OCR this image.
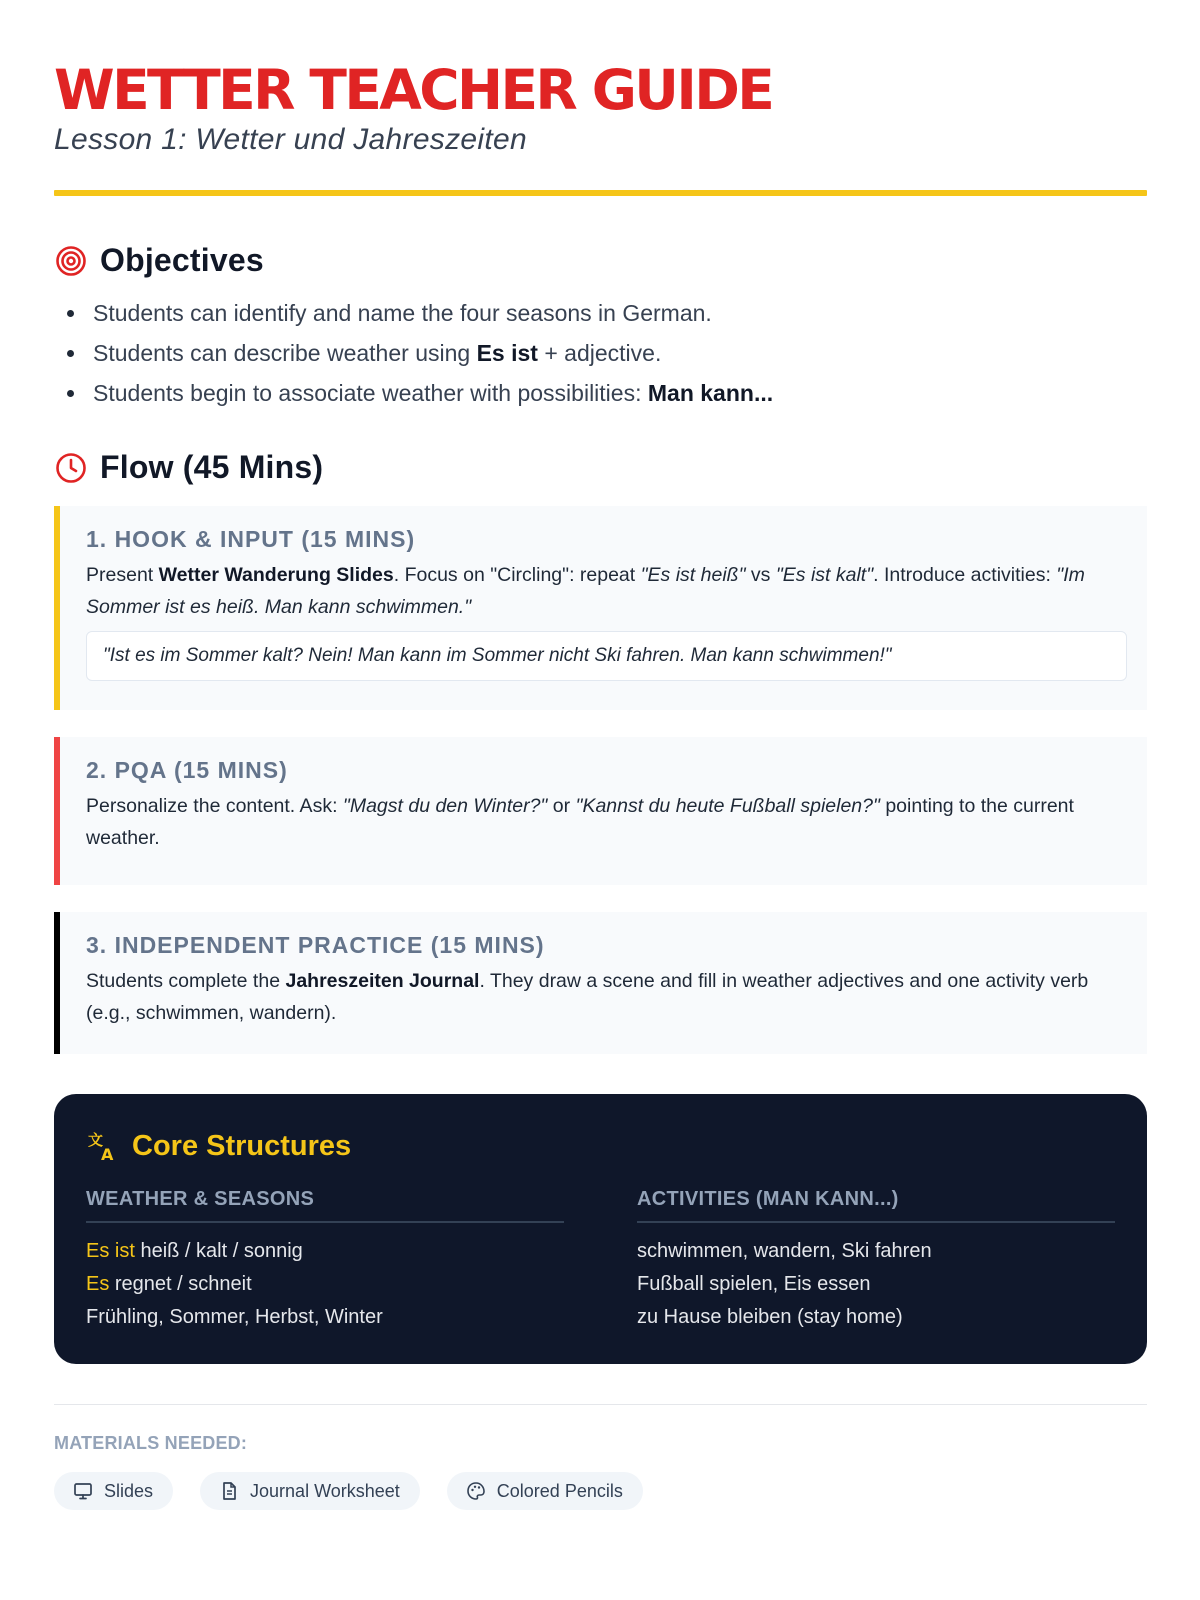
WETTER TEACHER GUIDE
Lesson 1: Wetter und Jahreszeiten
Objectives
Students can identify and name the four seasons in German.
Students can describe weather using Es ist + adjective.
Students begin to associate weather with possibilities: Man kann...
Flow (45 Mins)
1. HOOK & INPUT (15 MINS)

Present Wetter Wanderung Slides. Focus on "Circling": repeat "Es ist heiß" vs "Es ist kalt". Introduce activities: "Im Sommer ist es heiß. Man kann schwimmen."

"Ist es im Sommer kalt? Nein! Man kann im Sommer nicht Ski fahren. Man kann schwimmen!"
2. PQA (15 MINS)

Personalize the content. Ask: "Magst du den Winter?" or "Kannst du heute Fußball spielen?" pointing to the current weather.

3. INDEPENDENT PRACTICE (15 MINS)

Students complete the Jahreszeiten Journal. They draw a scene and fill in weather adjectives and one activity verb (e.g., schwimmen, wandern).

文
A Core Structures
WEATHER & SEASONS
Es ist heiß / kalt / sonnig
Es regnet / schneit
Frühling, Sommer, Herbst, Winter
ACTIVITIES (MAN KANN...)
schwimmen, wandern, Ski fahren
Fußball spielen, Eis essen
zu Hause bleiben (stay home)
MATERIALS NEEDED:
Slides	Journal Worksheet	Colored Pencils
